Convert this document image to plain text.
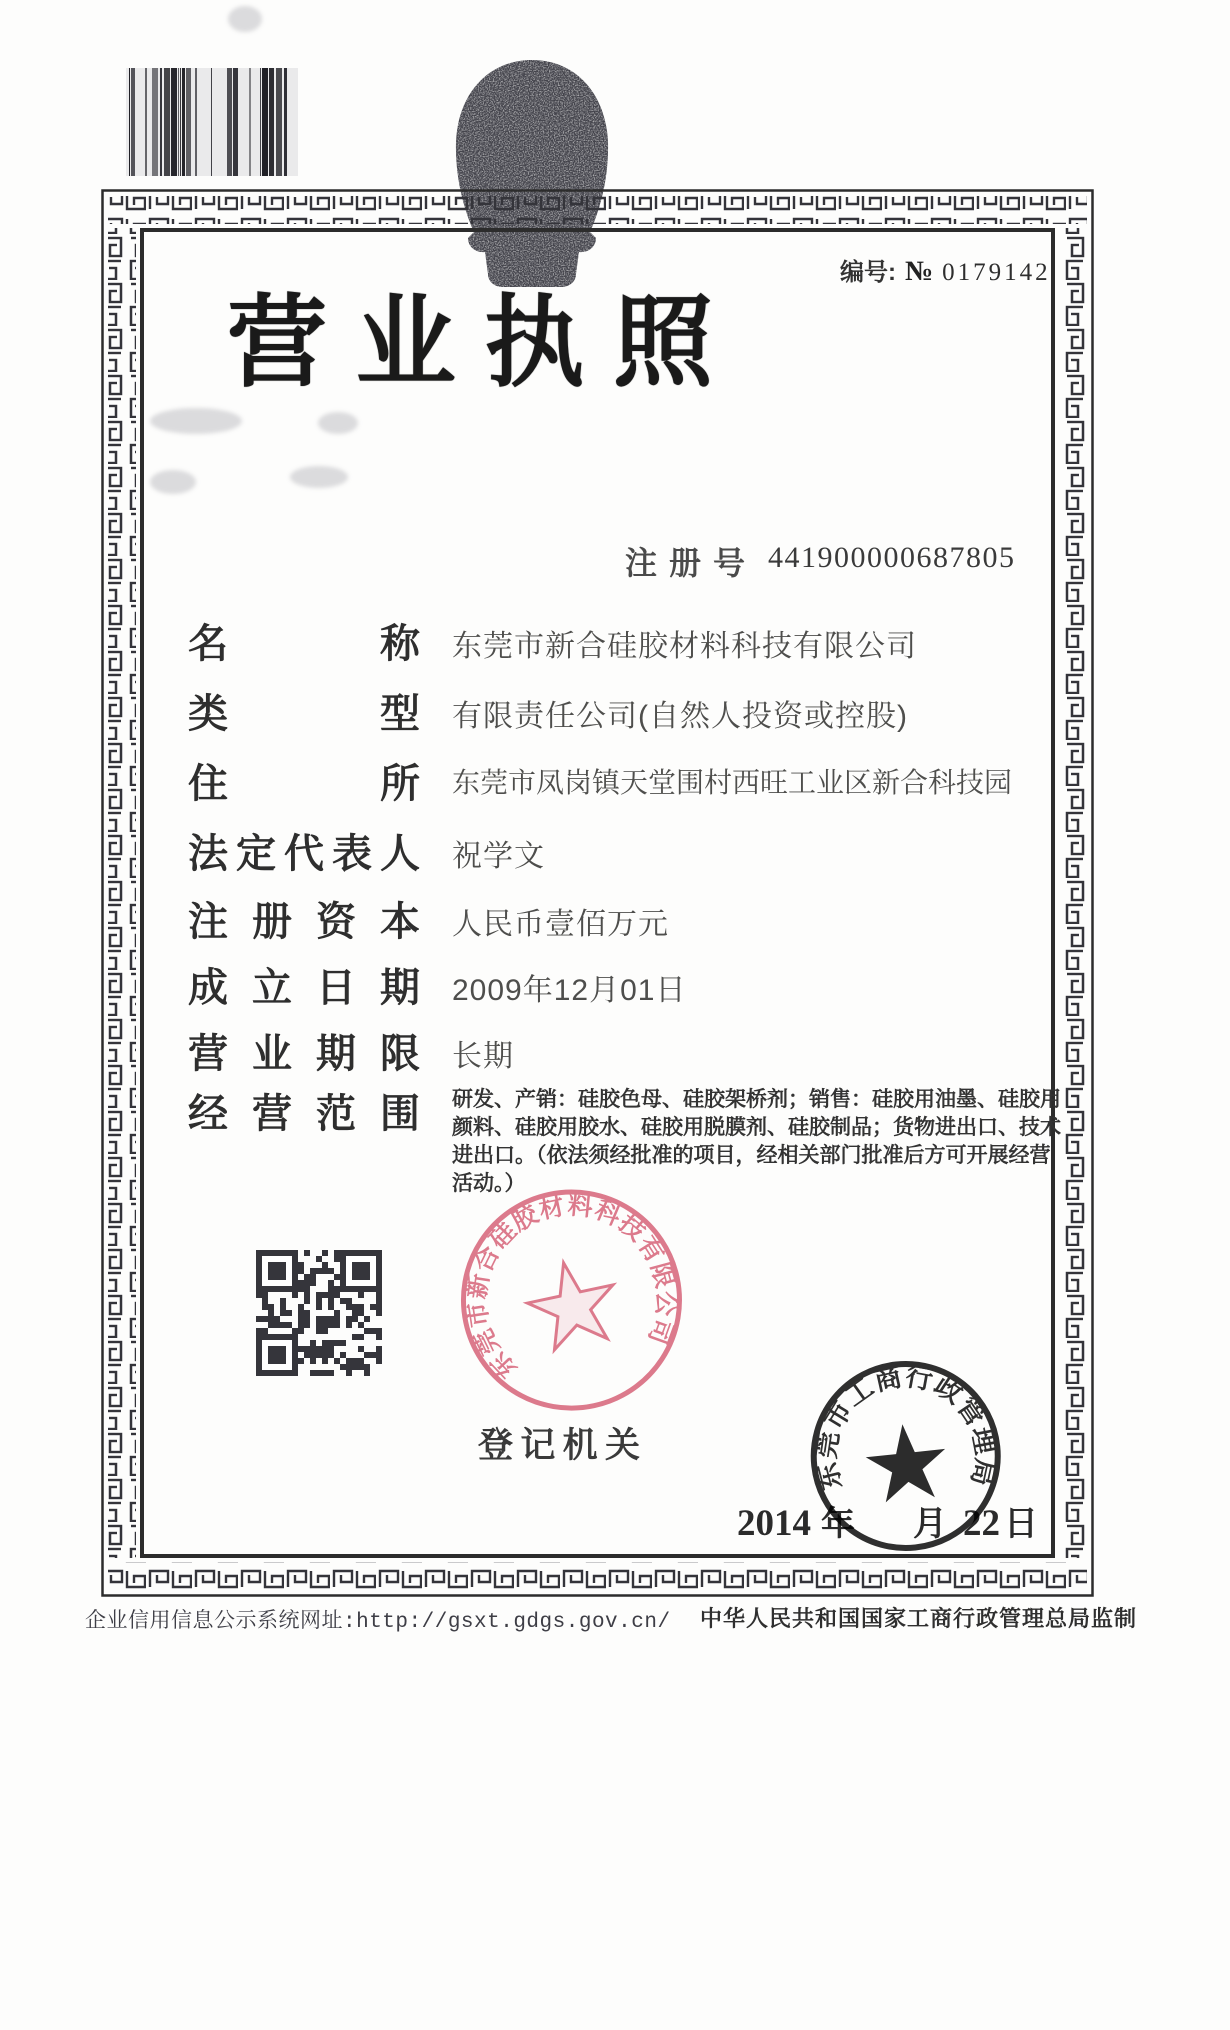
编号: № 0179142
营 业 执 照
注 册 号 441900000687805
名	称 东莞市新合硅胶材料科技有限公司
类	型 有限责任公司(自然人投资或控股)
住	所 东莞市凤岗镇天堂围村西旺工业区新合科技园
法 定 代 表 人 祝学文
注 册 资 本 人民币壹佰万元
成 立 日 期 2009年12月01日
营 业 期 限 长期
经 营 范 围 研发、产销：硅胶色母、硅胶架桥剂；销售：硅胶用油墨、硅胶用颜料、硅胶用胶水、硅胶用脱膜剂、硅胶制品；货物进出口、技术进出口。（依法须经批准的项目，经相关部门批准后方可开展经营活动。）
东莞市新合硅胶材料科技有限公司
登 记 机 关
2014 年 月 22 日
东莞市工商行政管理局
企业信用信息公示系统网址:http://gsxt.gdgs.gov.cn/ 中华人民共和国国家工商行政管理总局监制
